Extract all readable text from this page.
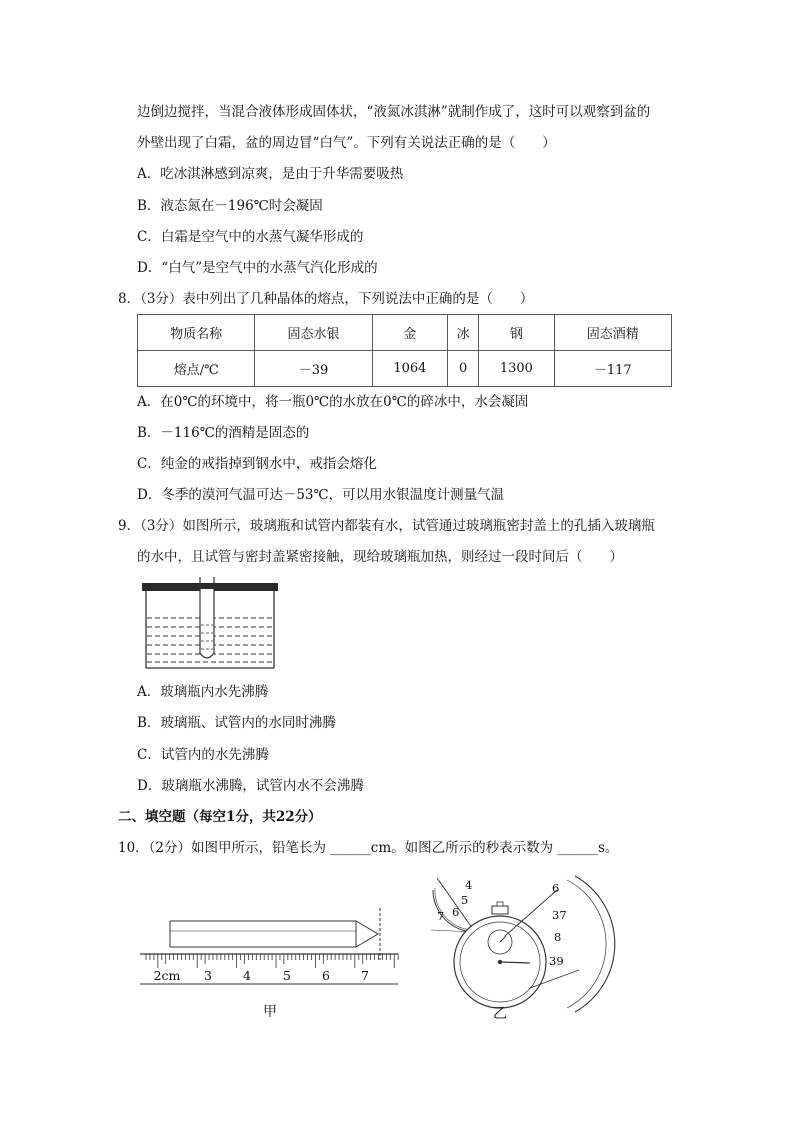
边倒边搅拌，当混合液体形成固体状，“液氮冰淇淋”就制作成了，这时可以观察到盆的
外壁出现了白霜，盆的周边冒“白气”。下列有关说法正确的是（　　）
A．吃冰淇淋感到凉爽，是由于升华需要吸热
B．液态氮在－196℃时会凝固
C．白霜是空气中的水蒸气凝华形成的
D．“白气”是空气中的水蒸气汽化形成的
8．（3分）表中列出了几种晶体的熔点，下列说法中正确的是（　　）
物质名称	固态水银	金	冰	钢	固态酒精
熔点/℃	－39	1064	0	1300	－117
A．在0℃的环境中，将一瓶0℃的水放在0℃的碎冰中，水会凝固
B．－116℃的酒精是固态的
C．纯金的戒指掉到钢水中，戒指会熔化
D．冬季的漠河气温可达－53℃，可以用水银温度计测量气温
9．（3分）如图所示，玻璃瓶和试管内都装有水，试管通过玻璃瓶密封盖上的孔插入玻璃瓶
的水中，且试管与密封盖紧密接触，现给玻璃瓶加热，则经过一段时间后（　　）
A．玻璃瓶内水先沸腾
B．玻璃瓶、试管内的水同时沸腾
C．试管内的水先沸腾
D．玻璃瓶水沸腾，试管内水不会沸腾
二、填空题（每空1分，共22分）
10．（2分）如图甲所示，铅笔长为 ______cm。如图乙所示的秒表示数为 ______s。
2cm 3 4	5 6 7
甲
4
5
6
7
6
37
8
39
乙
